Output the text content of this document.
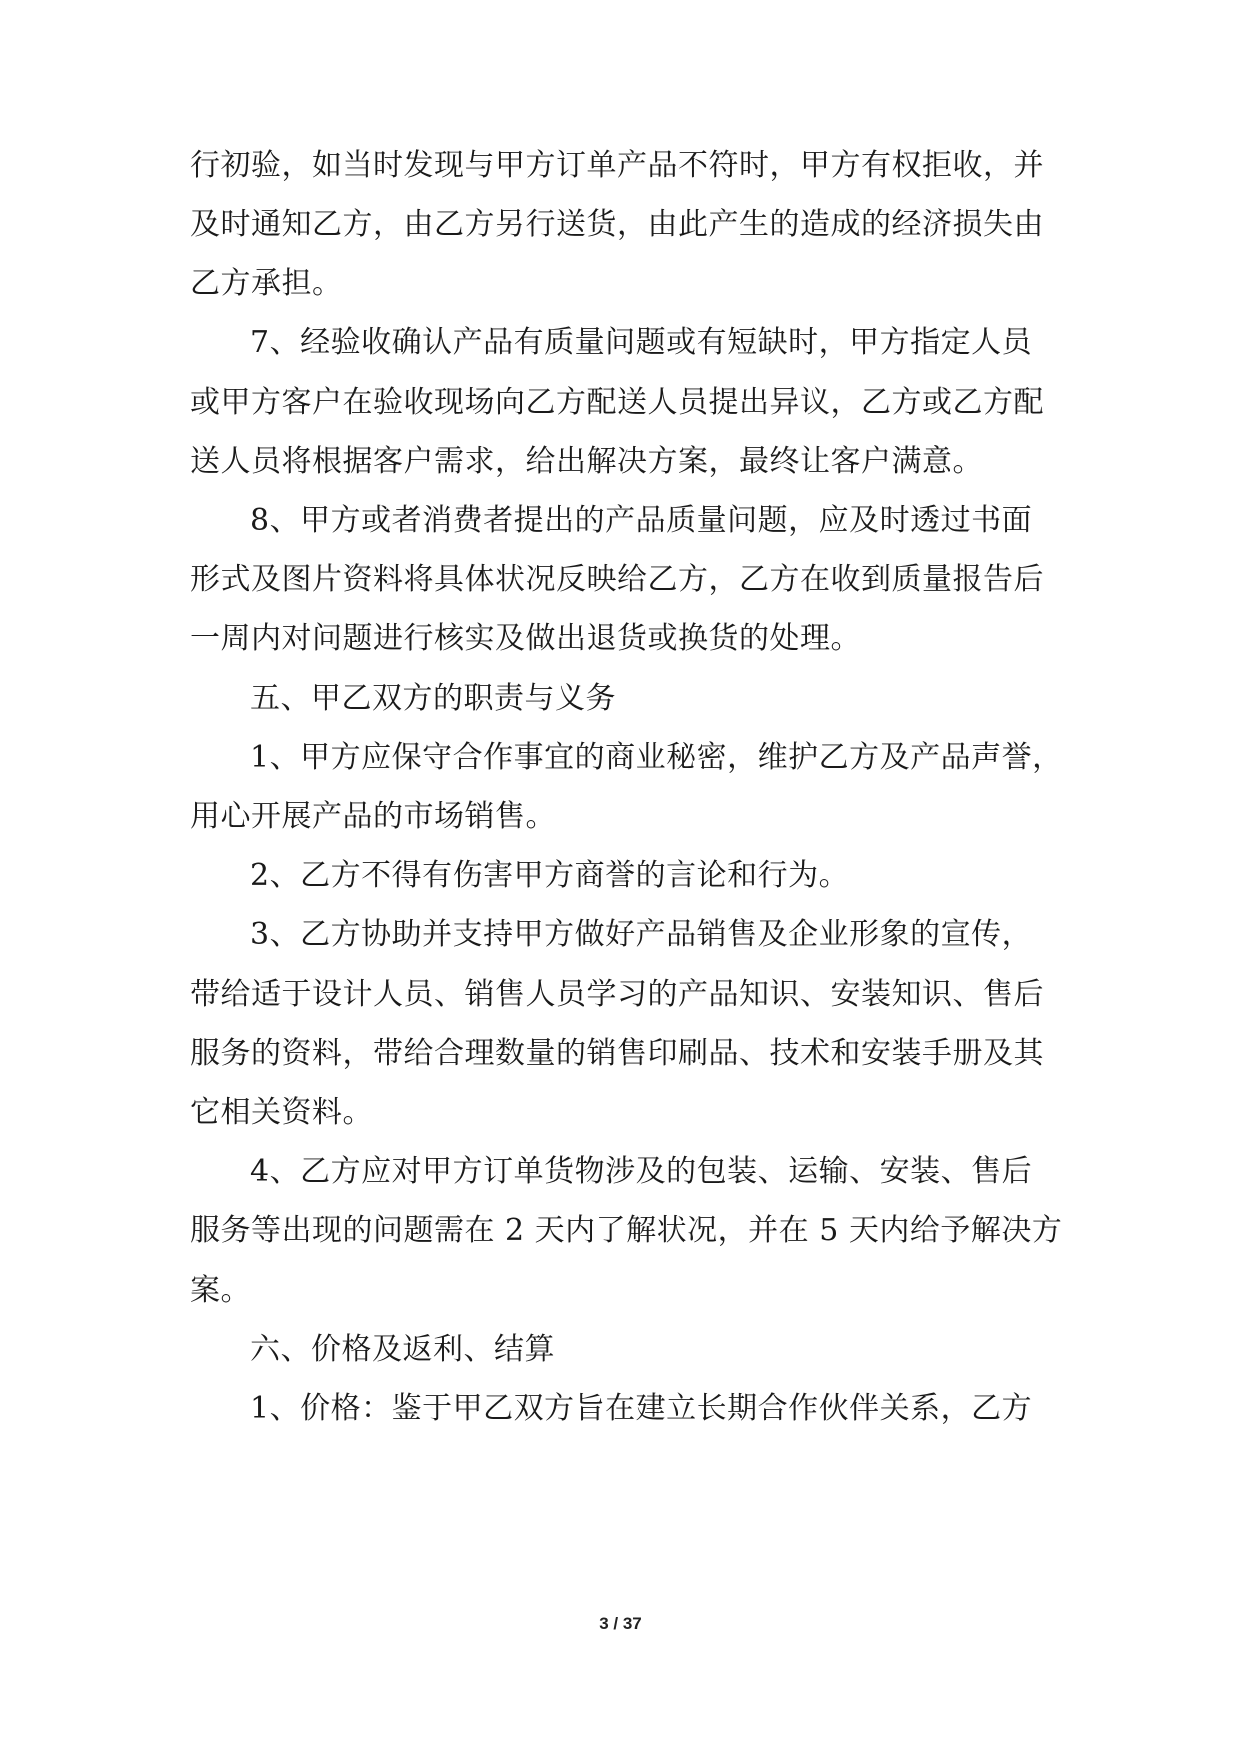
行初验，如当时发现与甲方订单产品不符时，甲方有权拒收，并
及时通知乙方，由乙方另行送货，由此产生的造成的经济损失由
乙方承担。
7、经验收确认产品有质量问题或有短缺时，甲方指定人员
或甲方客户在验收现场向乙方配送人员提出异议，乙方或乙方配
送人员将根据客户需求，给出解决方案，最终让客户满意。
8、甲方或者消费者提出的产品质量问题，应及时透过书面
形式及图片资料将具体状况反映给乙方，乙方在收到质量报告后
一周内对问题进行核实及做出退货或换货的处理。
五、甲乙双方的职责与义务
1、甲方应保守合作事宜的商业秘密，维护乙方及产品声誉，
用心开展产品的市场销售。
2、乙方不得有伤害甲方商誉的言论和行为。
3、乙方协助并支持甲方做好产品销售及企业形象的宣传，
带给适于设计人员、销售人员学习的产品知识、安装知识、售后
服务的资料，带给合理数量的销售印刷品、技术和安装手册及其
它相关资料。
4、乙方应对甲方订单货物涉及的包装、运输、安装、售后
服务等出现的问题需在 2 天内了解状况，并在 5 天内给予解决方
案。
六、价格及返利、结算
1、价格：鉴于甲乙双方旨在建立长期合作伙伴关系，乙方
3 / 37
